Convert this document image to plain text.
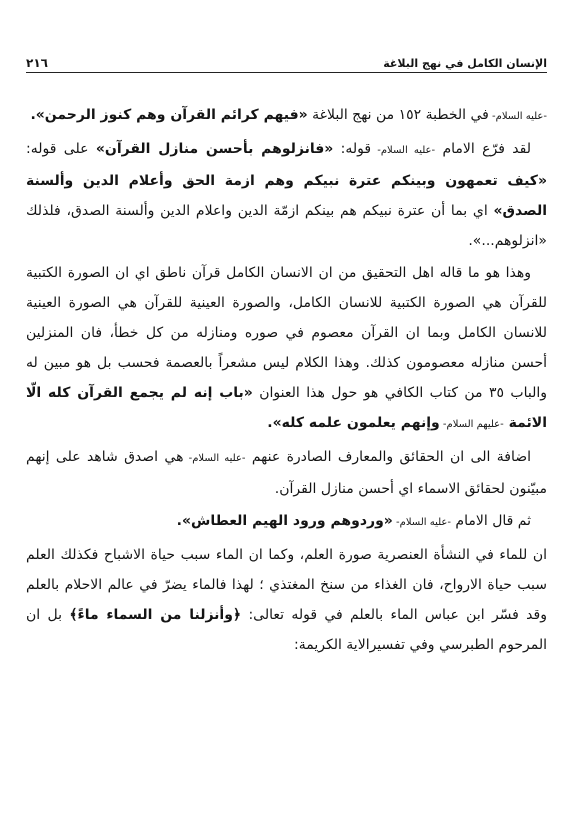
الإنسان الكامل في نهج البلاغة
٢١٦

-عليه السلام- في الخطبة ١٥٢ من نهج البلاغة «فيهم كرائم القرآن وهم كنوز الرحمن».

لقد فرّع الامام -عليه السلام- قوله: «فانزلوهم بأحسن منازل القرآن» على قوله: «كيف تعمهون وبينكم عترة نبيكم وهم ازمة الحق وأعلام الدين وألسنة الصدق» اي بما أن عترة نبيكم هم بينكم ازمّة الدين واعلام الدين وألسنة الصدق، فلذلك «انزلوهم...».

وهذا هو ما قاله اهل التحقيق من ان الانسان الكامل قرآن ناطق اي ان الصورة الكتبية للقرآن هي الصورة الكتبية للانسان الكامل، والصورة العينية للقرآن هي الصورة العينية للانسان الكامل وبما ان القرآن معصوم في صوره ومنازله من كل خطأ، فان المنزلين أحسن منازله معصومون كذلك. وهذا الكلام ليس مشعراً بالعصمة فحسب بل هو مبين له والباب ٣٥ من كتاب الكافي هو حول هذا العنوان «باب إنه لم يجمع القرآن كله الّا الائمة -عليهم السلام- وإنهم يعلمون علمه كله».

اضافة الى ان الحقائق والمعارف الصادرة عنهم -عليه السلام- هي اصدق شاهد على إنهم مبيّنون لحقائق الاسماء اي أحسن منازل القرآن.

ثم قال الامام -عليه السلام- «وردوهم ورود الهيم العطاش».

ان للماء في النشأة العنصرية صورة العلم، وكما ان الماء سبب حياة الاشباح فكذلك العلم سبب حياة الارواح، فان الغذاء من سنخ المغتذي ؛ لهذا فالماء يضرّ في عالم الاحلام بالعلم وقد فسّر ابن عباس الماء بالعلم في قوله تعالى: ﴿وأنزلنا من السماء ماءً﴾ بل ان المرحوم الطبرسي وفي تفسيرالاية الكريمة:
